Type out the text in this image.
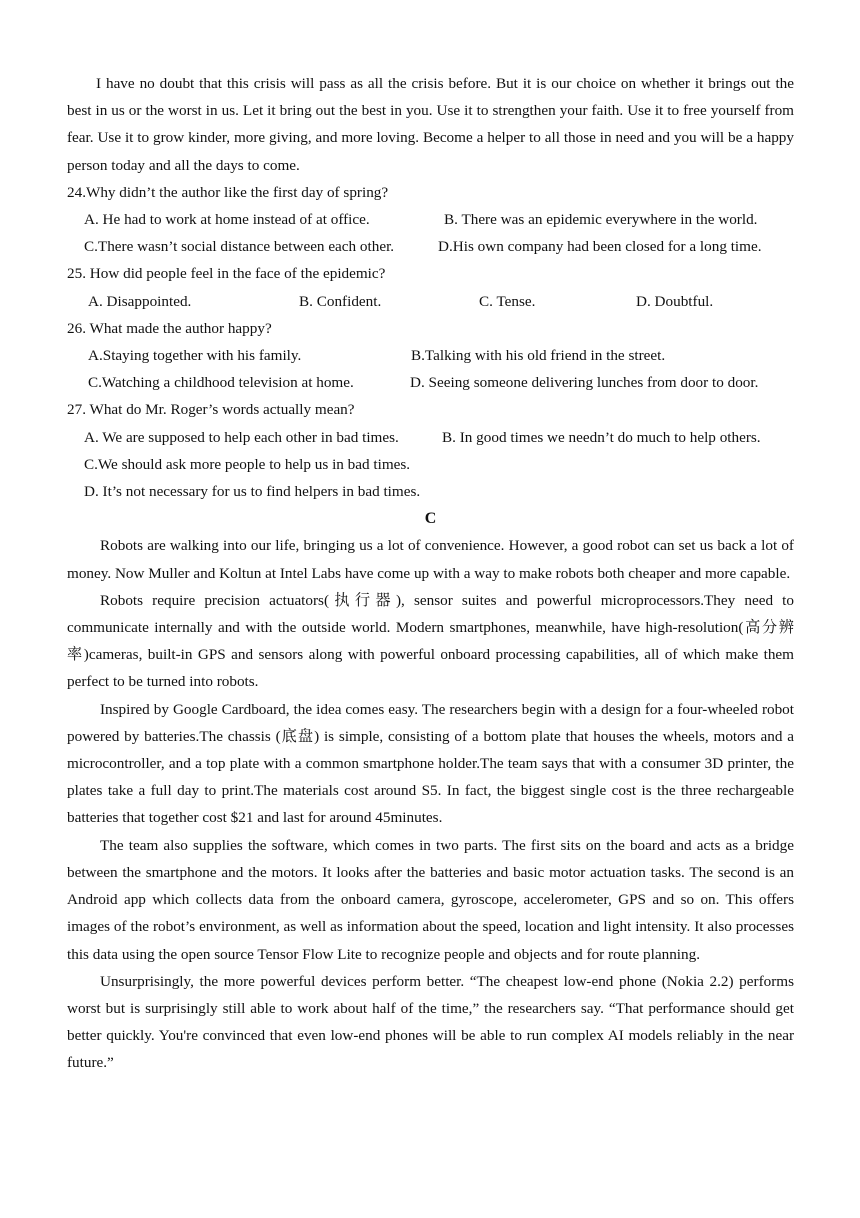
I have no doubt that this crisis will pass as all the crisis before. But it is our choice on whether it brings out the best in us or the worst in us. Let it bring out the best in you. Use it to strengthen your faith. Use it to free yourself from fear. Use it to grow kinder, more giving, and more loving. Become a helper to all those in need and you will be a happy person today and all the days to come.

24.Why didn’t the author like the first day of spring?

A. He had to work at home instead of at office.	B. There was an epidemic everywhere in the world.
C.There wasn’t social distance between each other.	D.His own company had been closed for a long time.

25. How did people feel in the face of the epidemic?

A. Disappointed.	B. Confident.	C. Tense.	D. Doubtful.

26. What made the author happy?

A.Staying together with his family.	B.Talking with his old friend in the street.
C.Watching a childhood television at home.	D. Seeing someone delivering lunches from door to door.

27. What do Mr. Roger’s words actually mean?

A. We are supposed to help each other in bad times.	B. In good times we needn’t do much to help others.
C.We should ask more people to help us in bad times.
D. It’s not necessary for us to find helpers in bad times.

C

Robots are walking into our life, bringing us a lot of convenience. However, a good robot can set us back a lot of money. Now Muller and Koltun at Intel Labs have come up with a way to make robots both cheaper and more capable.

Robots require precision actuators(执行器), sensor suites and powerful microprocessors.They need to communicate internally and with the outside world. Modern smartphones, meanwhile, have high-resolution(高分辨率)cameras, built-in GPS and sensors along with powerful onboard processing capabilities, all of which make them perfect to be turned into robots.

Inspired by Google Cardboard, the idea comes easy. The researchers begin with a design for a four-wheeled robot powered by batteries.The chassis (底盘) is simple, consisting of a bottom plate that houses the wheels, motors and a microcontroller, and a top plate with a common smartphone holder.The team says that with a consumer 3D printer, the plates take a full day to print.The materials cost around S5. In fact, the biggest single cost is the three rechargeable batteries that together cost $21 and last for around 45minutes.

The team also supplies the software, which comes in two parts. The first sits on the board and acts as a bridge between the smartphone and the motors. It looks after the batteries and basic motor actuation tasks. The second is an Android app which collects data from the onboard camera, gyroscope, accelerometer, GPS and so on. This offers images of the robot’s environment, as well as information about the speed, location and light intensity. It also processes this data using the open source Tensor Flow Lite to recognize people and objects and for route planning.

Unsurprisingly, the more powerful devices perform better. “The cheapest low-end phone (Nokia 2.2) performs worst but is surprisingly still able to work about half of the time,” the researchers say. “That performance should get better quickly. You're convinced that even low-end phones will be able to run complex AI models reliably in the near future.”
